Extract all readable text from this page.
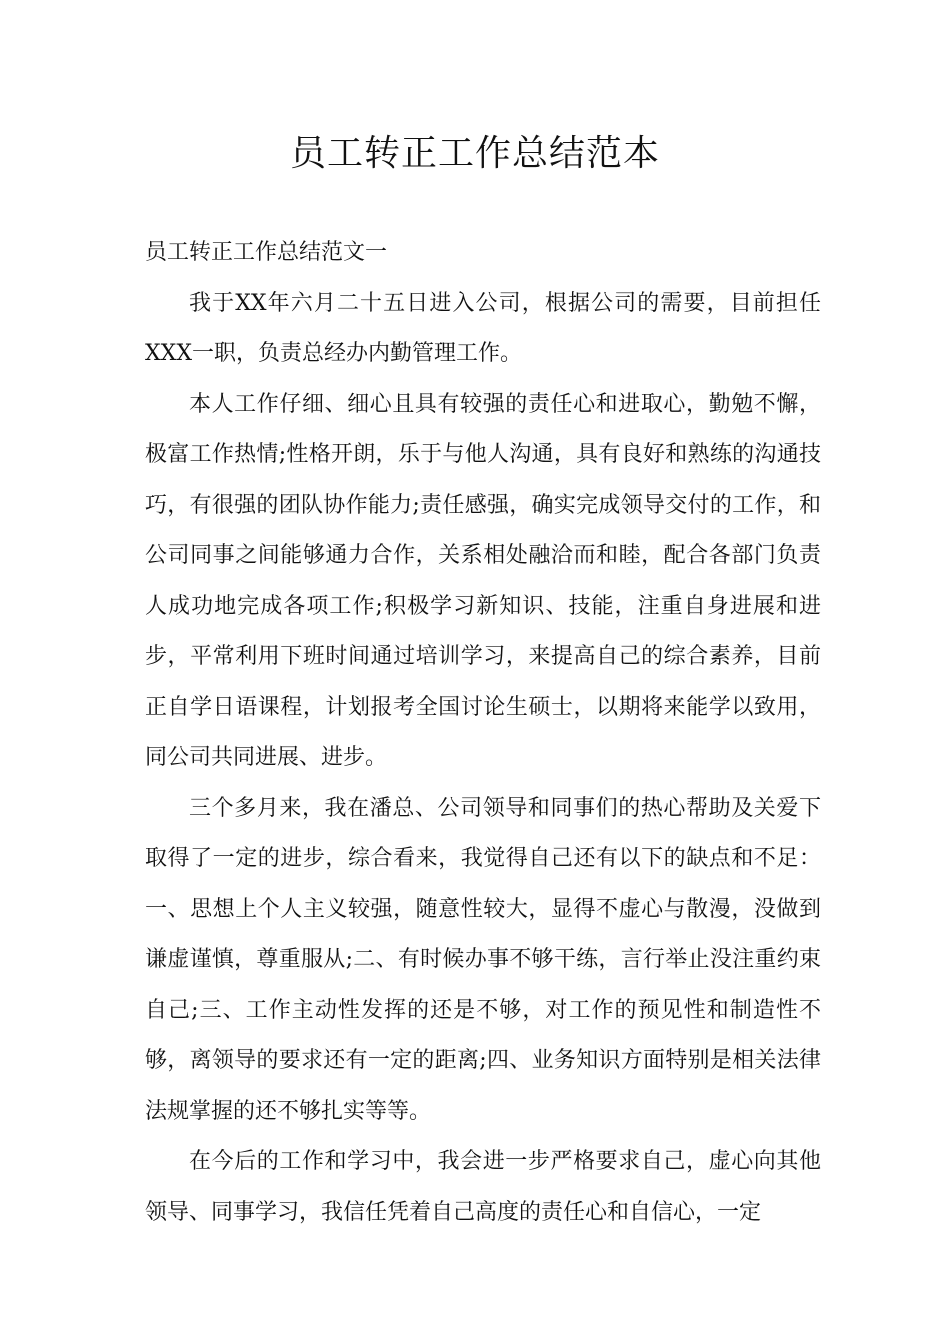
员工转正工作总结范本

员工转正工作总结范文一

我于XX年六月二十五日进入公司，根据公司的需要，目前担任XXX一职，负责总经办内勤管理工作。

本人工作仔细、细心且具有较强的责任心和进取心，勤勉不懈，极富工作热情;性格开朗，乐于与他人沟通，具有良好和熟练的沟通技巧，有很强的团队协作能力;责任感强，确实完成领导交付的工作，和公司同事之间能够通力合作，关系相处融洽而和睦，配合各部门负责人成功地完成各项工作;积极学习新知识、技能，注重自身进展和进步，平常利用下班时间通过培训学习，来提高自己的综合素养，目前正自学日语课程，计划报考全国讨论生硕士，以期将来能学以致用，同公司共同进展、进步。

三个多月来，我在潘总、公司领导和同事们的热心帮助及关爱下取得了一定的进步，综合看来，我觉得自己还有以下的缺点和不足：一、思想上个人主义较强，随意性较大，显得不虚心与散漫，没做到谦虚谨慎，尊重服从;二、有时候办事不够干练，言行举止没注重约束自己;三、工作主动性发挥的还是不够，对工作的预见性和制造性不够，离领导的要求还有一定的距离;四、业务知识方面特别是相关法律法规掌握的还不够扎实等等。

在今后的工作和学习中，我会进一步严格要求自己，虚心向其他领导、同事学习，我信任凭着自己高度的责任心和自信心，一定
